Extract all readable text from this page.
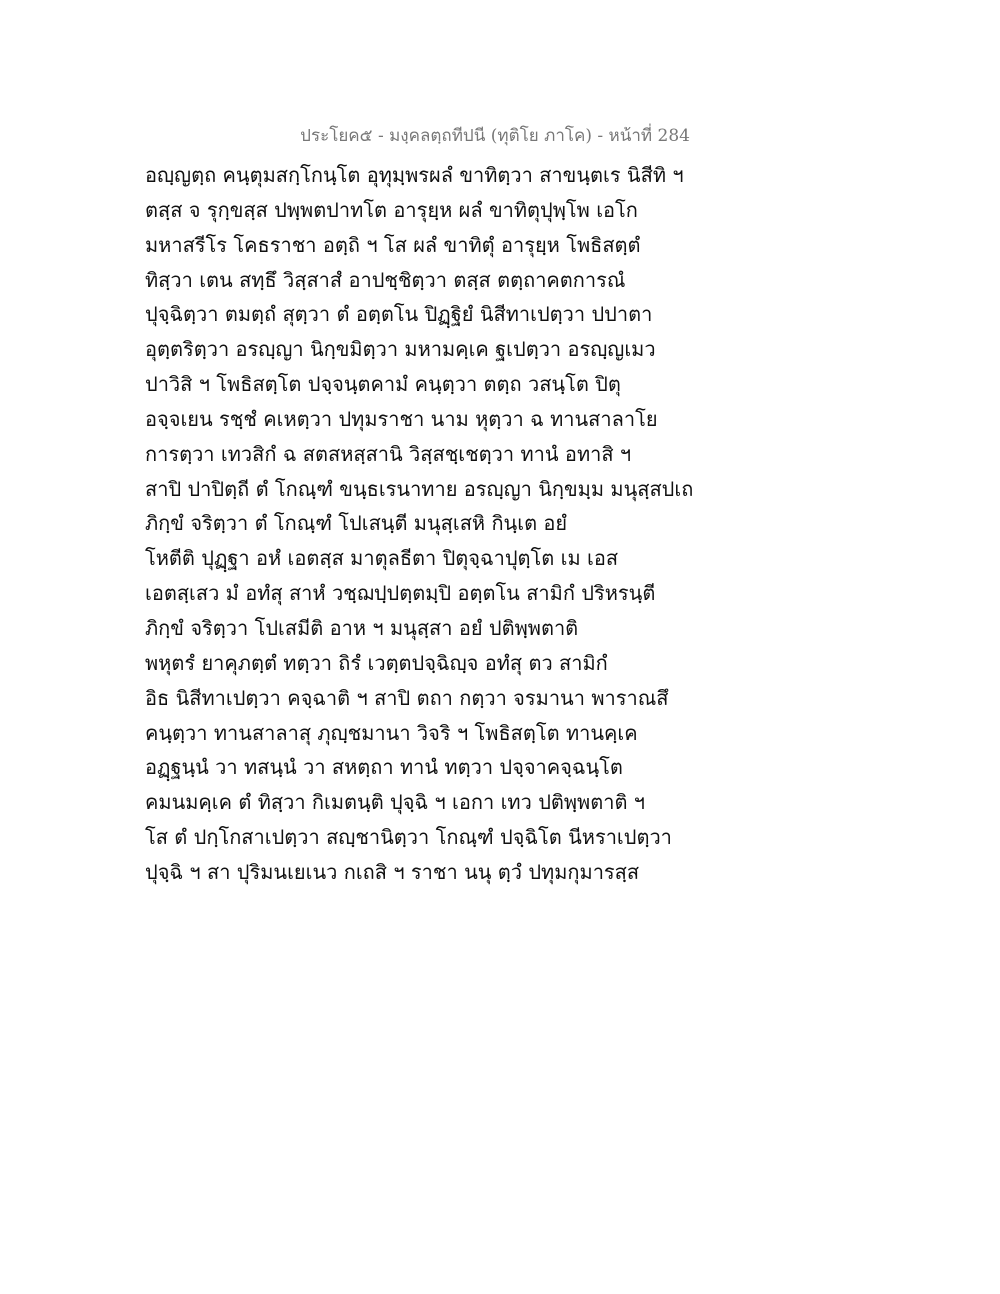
ประโยค๕ - มงฺคลตฺถทีปนี (ทุติโย ภาโค) - หน้าที่ 284
อญฺญตฺถ คนฺตุมสกฺโกนฺโต อุทุมฺพรผลํ ขาทิตฺวา สาขนฺตเร นิสีทิ ฯ
ตสฺส จ รุกฺขสฺส ปพฺพตปาทโต อารุยฺห ผลํ ขาทิตุปุพฺโพ เอโก
มหาสรีโร โคธราชา อตฺถิ ฯ โส ผลํ ขาทิตุํ อารุยฺห โพธิสตฺตํ
ทิสฺวา เตน สทฺธึ วิสฺสาสํ อาปชฺชิตฺวา ตสฺส ตตฺถาคตการณํ
ปุจฺฉิตฺวา ตมตฺถํ สุตฺวา ตํ อตฺตโน ปิฏฺฐิยํ นิสีทาเปตฺวา ปปาตา
อุตฺตริตฺวา อรญฺญา นิกฺขมิตฺวา มหามคฺเค ฐเปตฺวา อรญฺญเมว
ปาวิสิ ฯ โพธิสตฺโต ปจฺจนฺตคามํ คนฺตฺวา ตตฺถ วสนฺโต ปิตุ
อจฺจเยน รชฺชํ คเหตฺวา ปทุมราชา นาม หุตฺวา ฉ ทานสาลาโย
การตฺวา เทวสิกํ ฉ สตสหสฺสานิ วิสฺสชฺเชตฺวา ทานํ อทาสิ ฯ
สาปิ ปาปิตฺถี ตํ โกณฺฑํ ขนฺธเรนาทาย อรญฺญา นิกฺขมฺม มนุสฺสปเถ
ภิกฺขํ จริตฺวา ตํ โกณฺฑํ โปเสนฺตี มนุสฺเสหิ กินฺเต อยํ
โหตีติ ปุฏฺฐา อหํ เอตสฺส มาตุลธีตา ปิตุจฺฉาปุตฺโต เม เอส
เอตสฺเสว มํ อทํสุ สาหํ วชฺฌปฺปตฺตมฺปิ อตฺตโน สามิกํ ปริหรนฺตี
ภิกฺขํ จริตฺวา โปเสมีติ อาห ฯ มนุสฺสา อยํ ปติพฺพตาติ
พหุตรํ ยาคุภตฺตํ ทตฺวา ถิรํ เวตฺตปจฺฉิญฺจ อทํสุ ตว สามิกํ
อิธ นิสีทาเปตฺวา คจฺฉาติ ฯ สาปิ ตถา กตฺวา จรมานา พาราณสึ
คนฺตฺวา ทานสาลาสุ ภุญฺชมานา วิจริ ฯ โพธิสตฺโต ทานคฺเค
อฏฺฐนฺนํ วา ทสนฺนํ วา สหตฺถา ทานํ ทตฺวา ปจฺจาคจฺฉนฺโต
คมนมคฺเค ตํ ทิสฺวา กิเมตนฺติ ปุจฺฉิ ฯ เอกา เทว ปติพฺพตาติ ฯ
โส ตํ ปกฺโกสาเปตฺวา สญฺชานิตฺวา โกณฺฑํ ปจฺฉิโต นีหราเปตฺวา
ปุจฺฉิ ฯ สา ปุริมนเยเนว กเถสิ ฯ ราชา นนุ ตฺวํ ปทุมกุมารสฺส
